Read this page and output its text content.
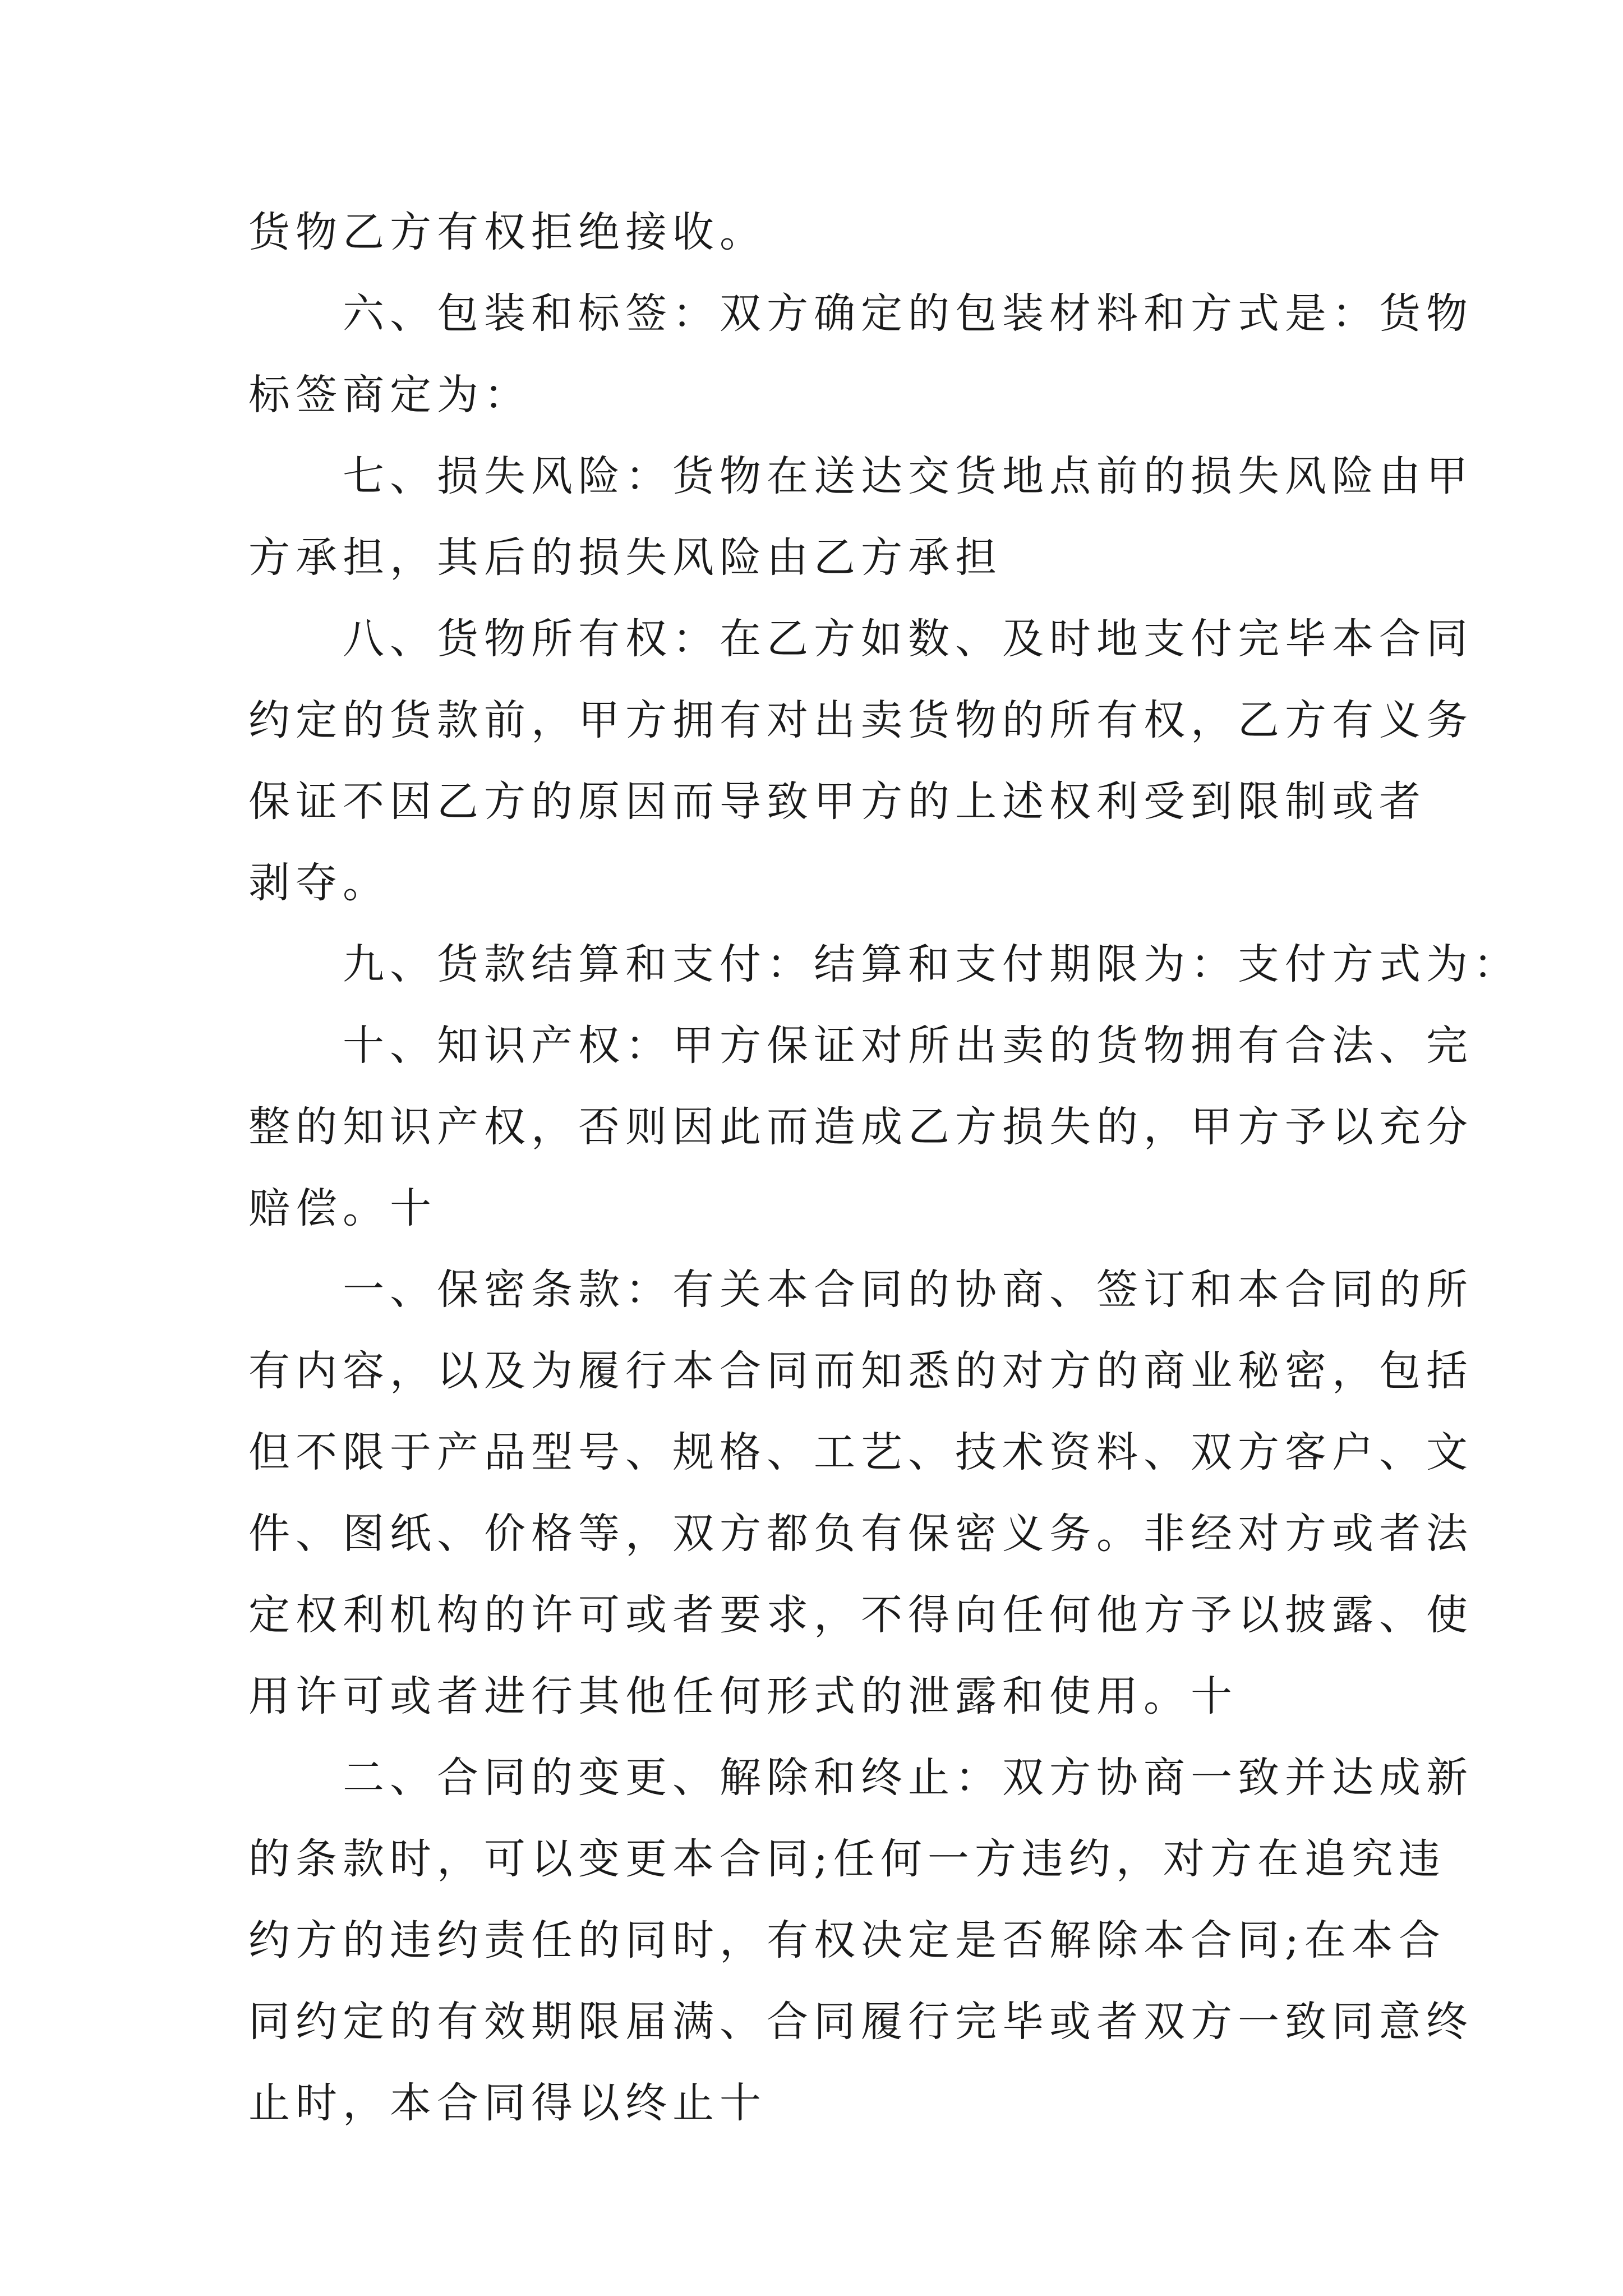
货物乙方有权拒绝接收。
六、包装和标签：双方确定的包装材料和方式是：货物
标签商定为：
七、损失风险：货物在送达交货地点前的损失风险由甲
方承担，其后的损失风险由乙方承担
八、货物所有权：在乙方如数、及时地支付完毕本合同
约定的货款前，甲方拥有对出卖货物的所有权，乙方有义务
保证不因乙方的原因而导致甲方的上述权利受到限制或者
剥夺。
九、货款结算和支付：结算和支付期限为：支付方式为：
十、知识产权：甲方保证对所出卖的货物拥有合法、完
整的知识产权，否则因此而造成乙方损失的，甲方予以充分
赔偿。十
一、保密条款：有关本合同的协商、签订和本合同的所
有内容，以及为履行本合同而知悉的对方的商业秘密，包括
但不限于产品型号、规格、工艺、技术资料、双方客户、文
件、图纸、价格等，双方都负有保密义务。非经对方或者法
定权利机构的许可或者要求，不得向任何他方予以披露、使
用许可或者进行其他任何形式的泄露和使用。十
二、合同的变更、解除和终止：双方协商一致并达成新
的条款时，可以变更本合同;任何一方违约，对方在追究违
约方的违约责任的同时，有权决定是否解除本合同;在本合
同约定的有效期限届满、合同履行完毕或者双方一致同意终
止时，本合同得以终止十
